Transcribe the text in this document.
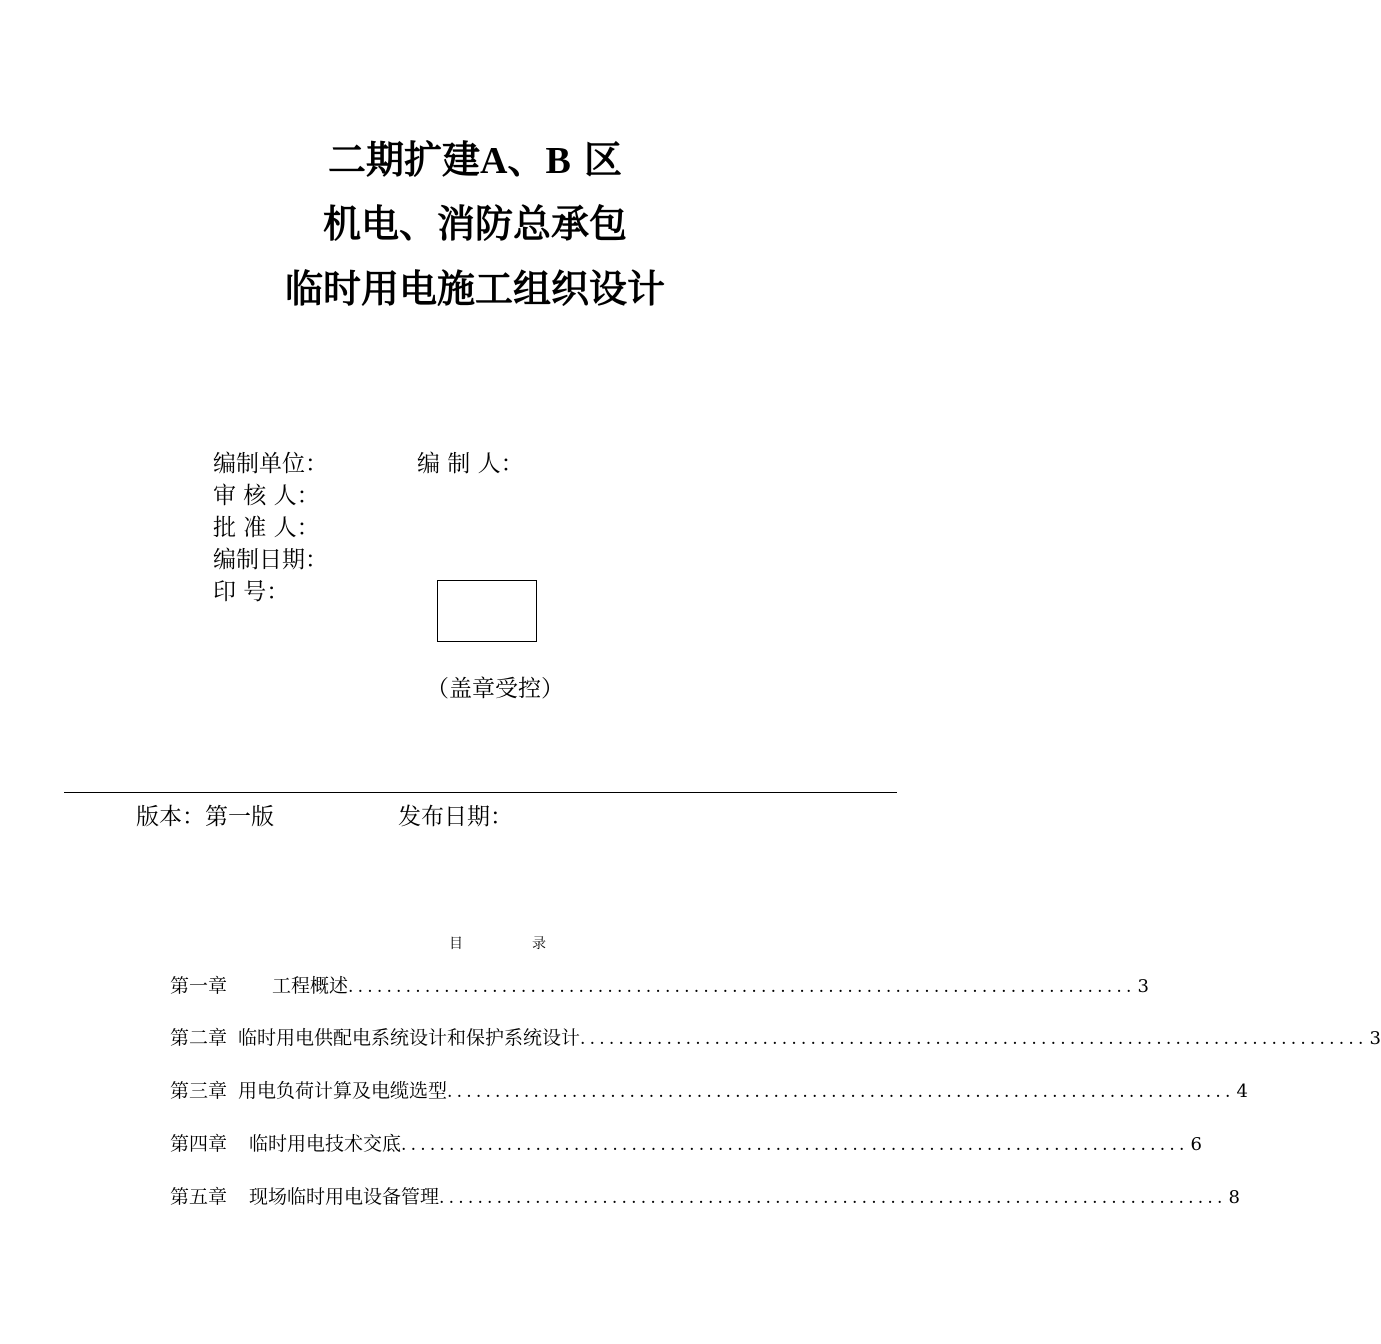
二期扩建A、B 区
机电、消防总承包
临时用电施工组织设计
编制单位：	编 制 人：
审 核 人：
批 准 人：
编制日期：
印 号：
（盖章受控）
版本：第一版	发布日期：
目	录
第一章 工程概述 .................................................................................. 3
第二章 临时用电供配电系统设计和保护系统设计 .................................................................................. 3
第三章 用电负荷计算及电缆选型 .................................................................................. 4
第四章 临时用电技术交底 .................................................................................. 6
第五章 现场临时用电设备管理 .................................................................................. 8
